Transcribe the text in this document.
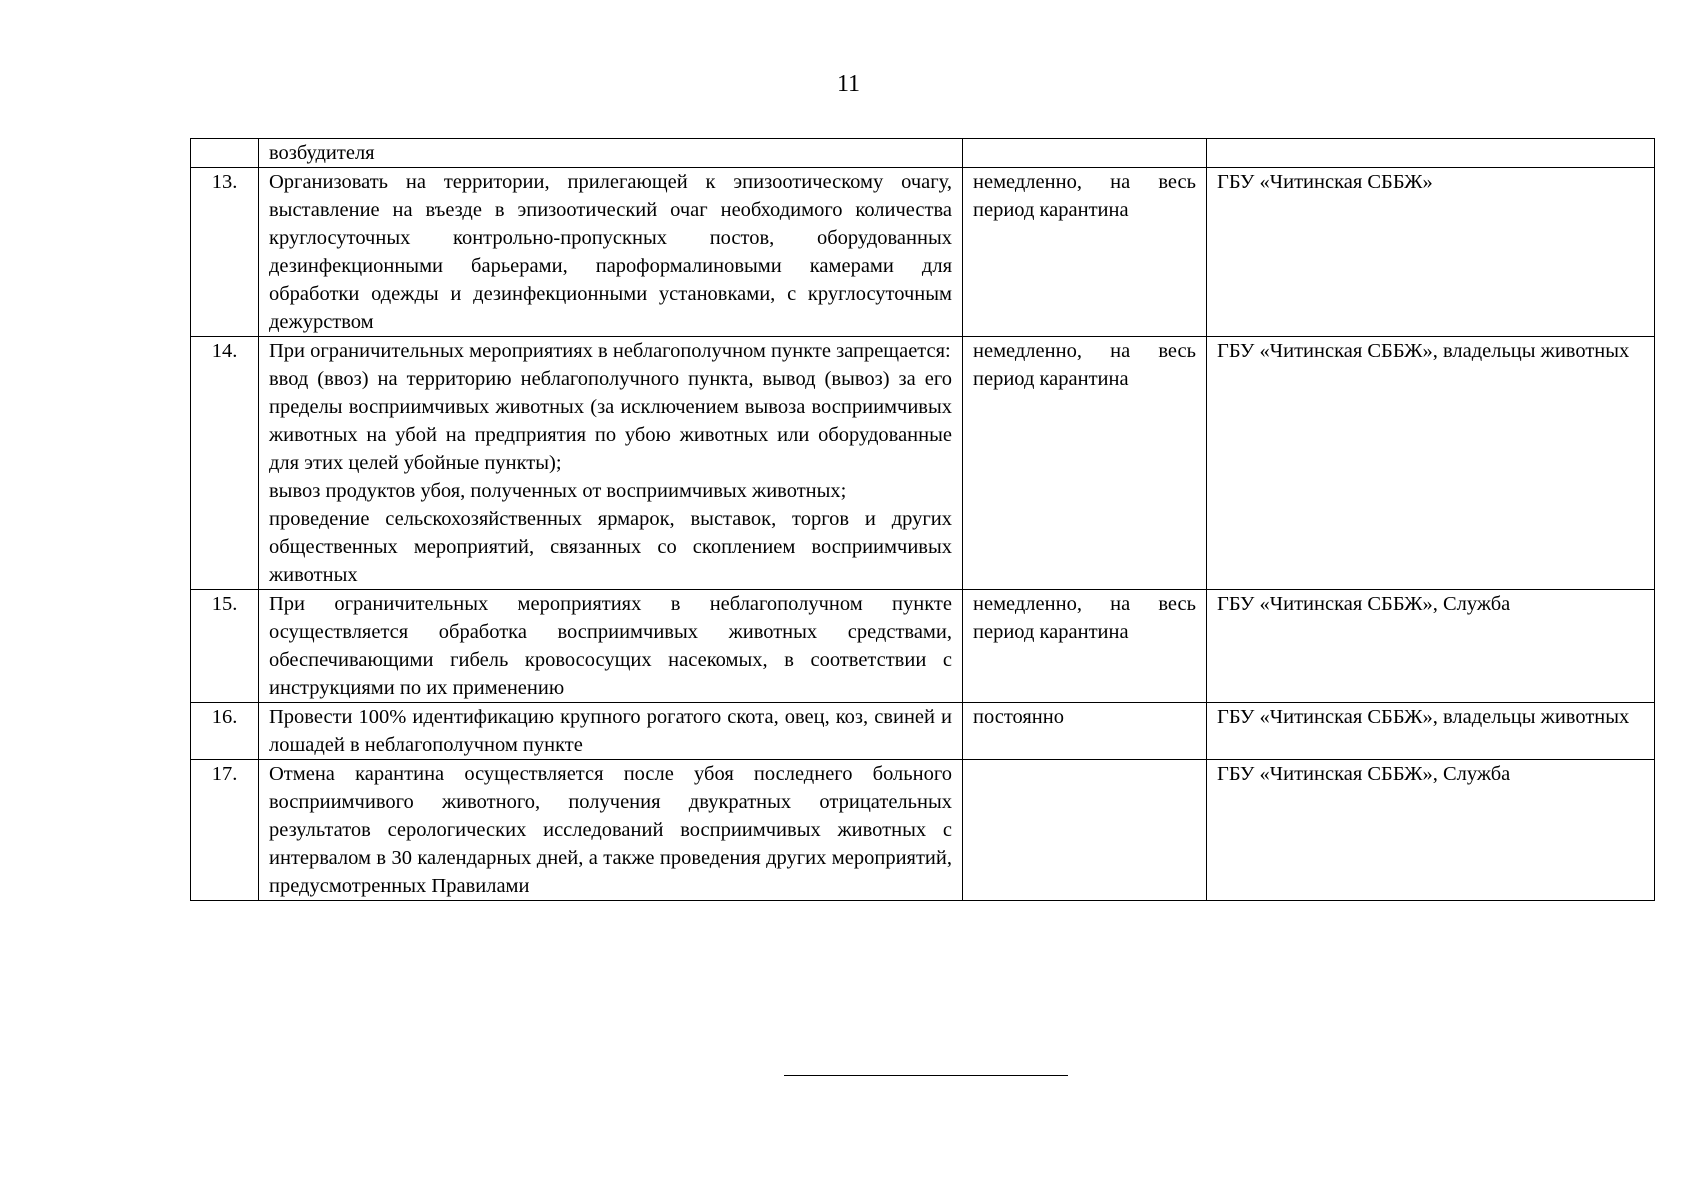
11

	возбудителя		

13.	Организовать на территории, прилегающей к эпизоотическому очагу, выставление на въезде в эпизоотический очаг необходимого количества круглосуточных контрольно-пропускных постов, оборудованных дезинфекционными барьерами, пароформалиновыми камерами для обработки одежды и дезинфекционными установками, с круглосуточным дежурством	немедленно, на весь период карантина	ГБУ «Читинская СББЖ»
14.	При ограничительных мероприятиях в неблагополучном пункте запрещается:
ввод (ввоз) на территорию неблагополучного пункта, вывод (вывоз) за его пределы восприимчивых животных (за исключением вывоза восприимчивых животных на убой на предприятия по убою животных или оборудованные для этих целей убойные пункты);
вывоз продуктов убоя, полученных от восприимчивых животных;
проведение сельскохозяйственных ярмарок, выставок, торгов и других общественных мероприятий, связанных со скоплением восприимчивых животных	немедленно, на весь период карантина	ГБУ «Читинская СББЖ», владельцы животных
15.	При ограничительных мероприятиях в неблагополучном пункте осуществляется обработка восприимчивых животных средствами, обеспечивающими гибель кровососущих насекомых, в соответствии с инструкциями по их применению	немедленно, на весь период карантина	ГБУ «Читинская СББЖ», Служба
16.	Провести 100% идентификацию крупного рогатого скота, овец, коз, свиней и лошадей в неблагополучном пункте	постоянно	ГБУ «Читинская СББЖ», владельцы животных
17.	Отмена карантина осуществляется после убоя последнего больного восприимчивого животного, получения двукратных отрицательных результатов серологических исследований восприимчивых животных с интервалом в 30 календарных дней, а также проведения других мероприятий, предусмотренных Правилами		ГБУ «Читинская СББЖ», Служба
